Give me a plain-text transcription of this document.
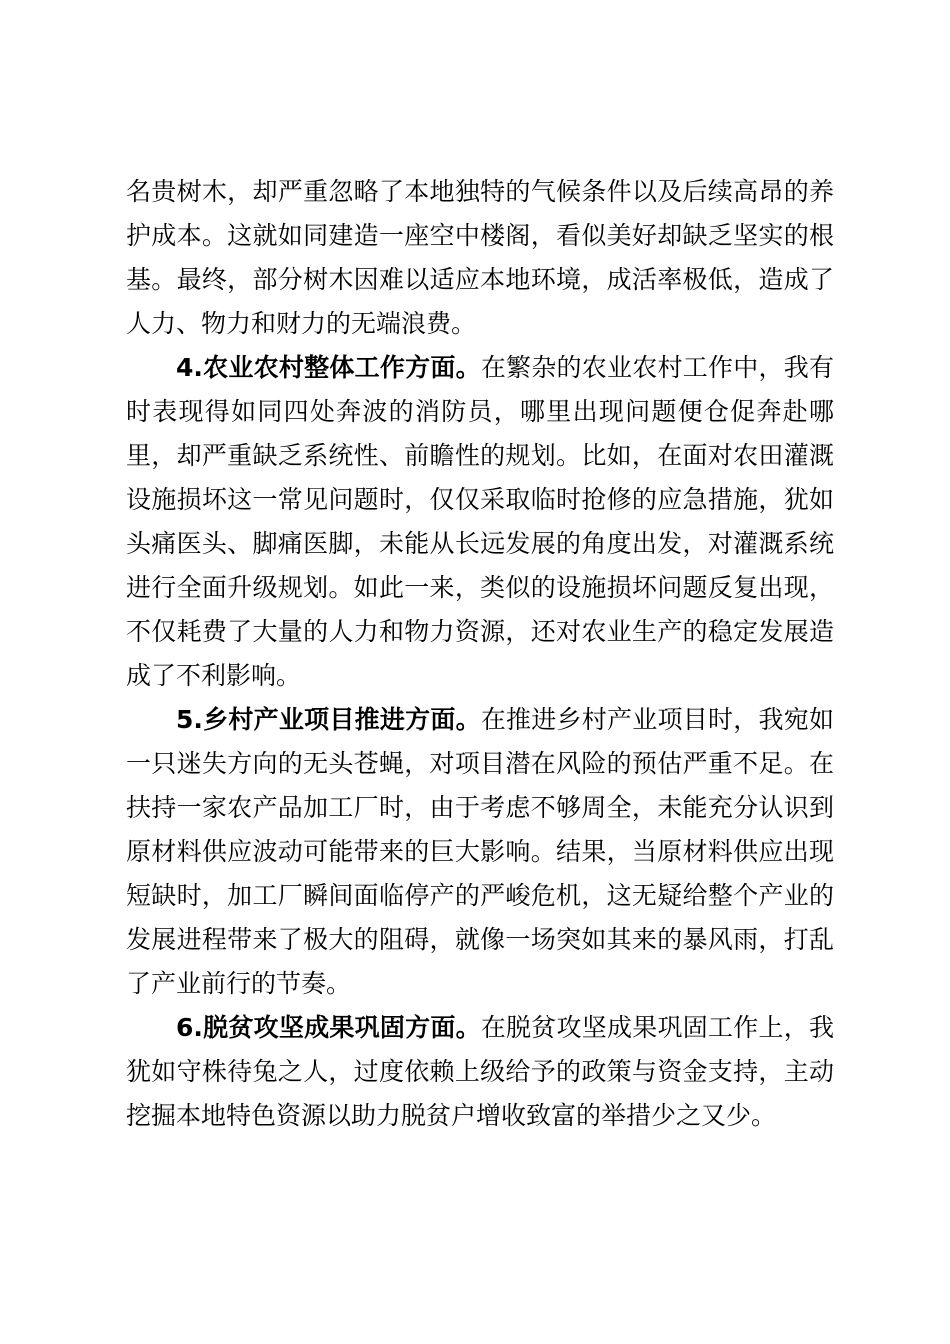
名贵树木，却严重忽略了本地独特的气候条件以及后续高昂的养护成本。这就如同建造一座空中楼阁，看似美好却缺乏坚实的根基。最终，部分树木因难以适应本地环境，成活率极低，造成了人力、物力和财力的无端浪费。

4.农业农村整体工作方面。在繁杂的农业农村工作中，我有时表现得如同四处奔波的消防员，哪里出现问题便仓促奔赴哪里，却严重缺乏系统性、前瞻性的规划。比如，在面对农田灌溉设施损坏这一常见问题时，仅仅采取临时抢修的应急措施，犹如头痛医头、脚痛医脚，未能从长远发展的角度出发，对灌溉系统进行全面升级规划。如此一来，类似的设施损坏问题反复出现，不仅耗费了大量的人力和物力资源，还对农业生产的稳定发展造成了不利影响。

5.乡村产业项目推进方面。在推进乡村产业项目时，我宛如一只迷失方向的无头苍蝇，对项目潜在风险的预估严重不足。在扶持一家农产品加工厂时，由于考虑不够周全，未能充分认识到原材料供应波动可能带来的巨大影响。结果，当原材料供应出现短缺时，加工厂瞬间面临停产的严峻危机，这无疑给整个产业的发展进程带来了极大的阻碍，就像一场突如其来的暴风雨，打乱了产业前行的节奏。

6.脱贫攻坚成果巩固方面。在脱贫攻坚成果巩固工作上，我犹如守株待兔之人，过度依赖上级给予的政策与资金支持，主动挖掘本地特色资源以助力脱贫户增收致富的举措少之又少。
